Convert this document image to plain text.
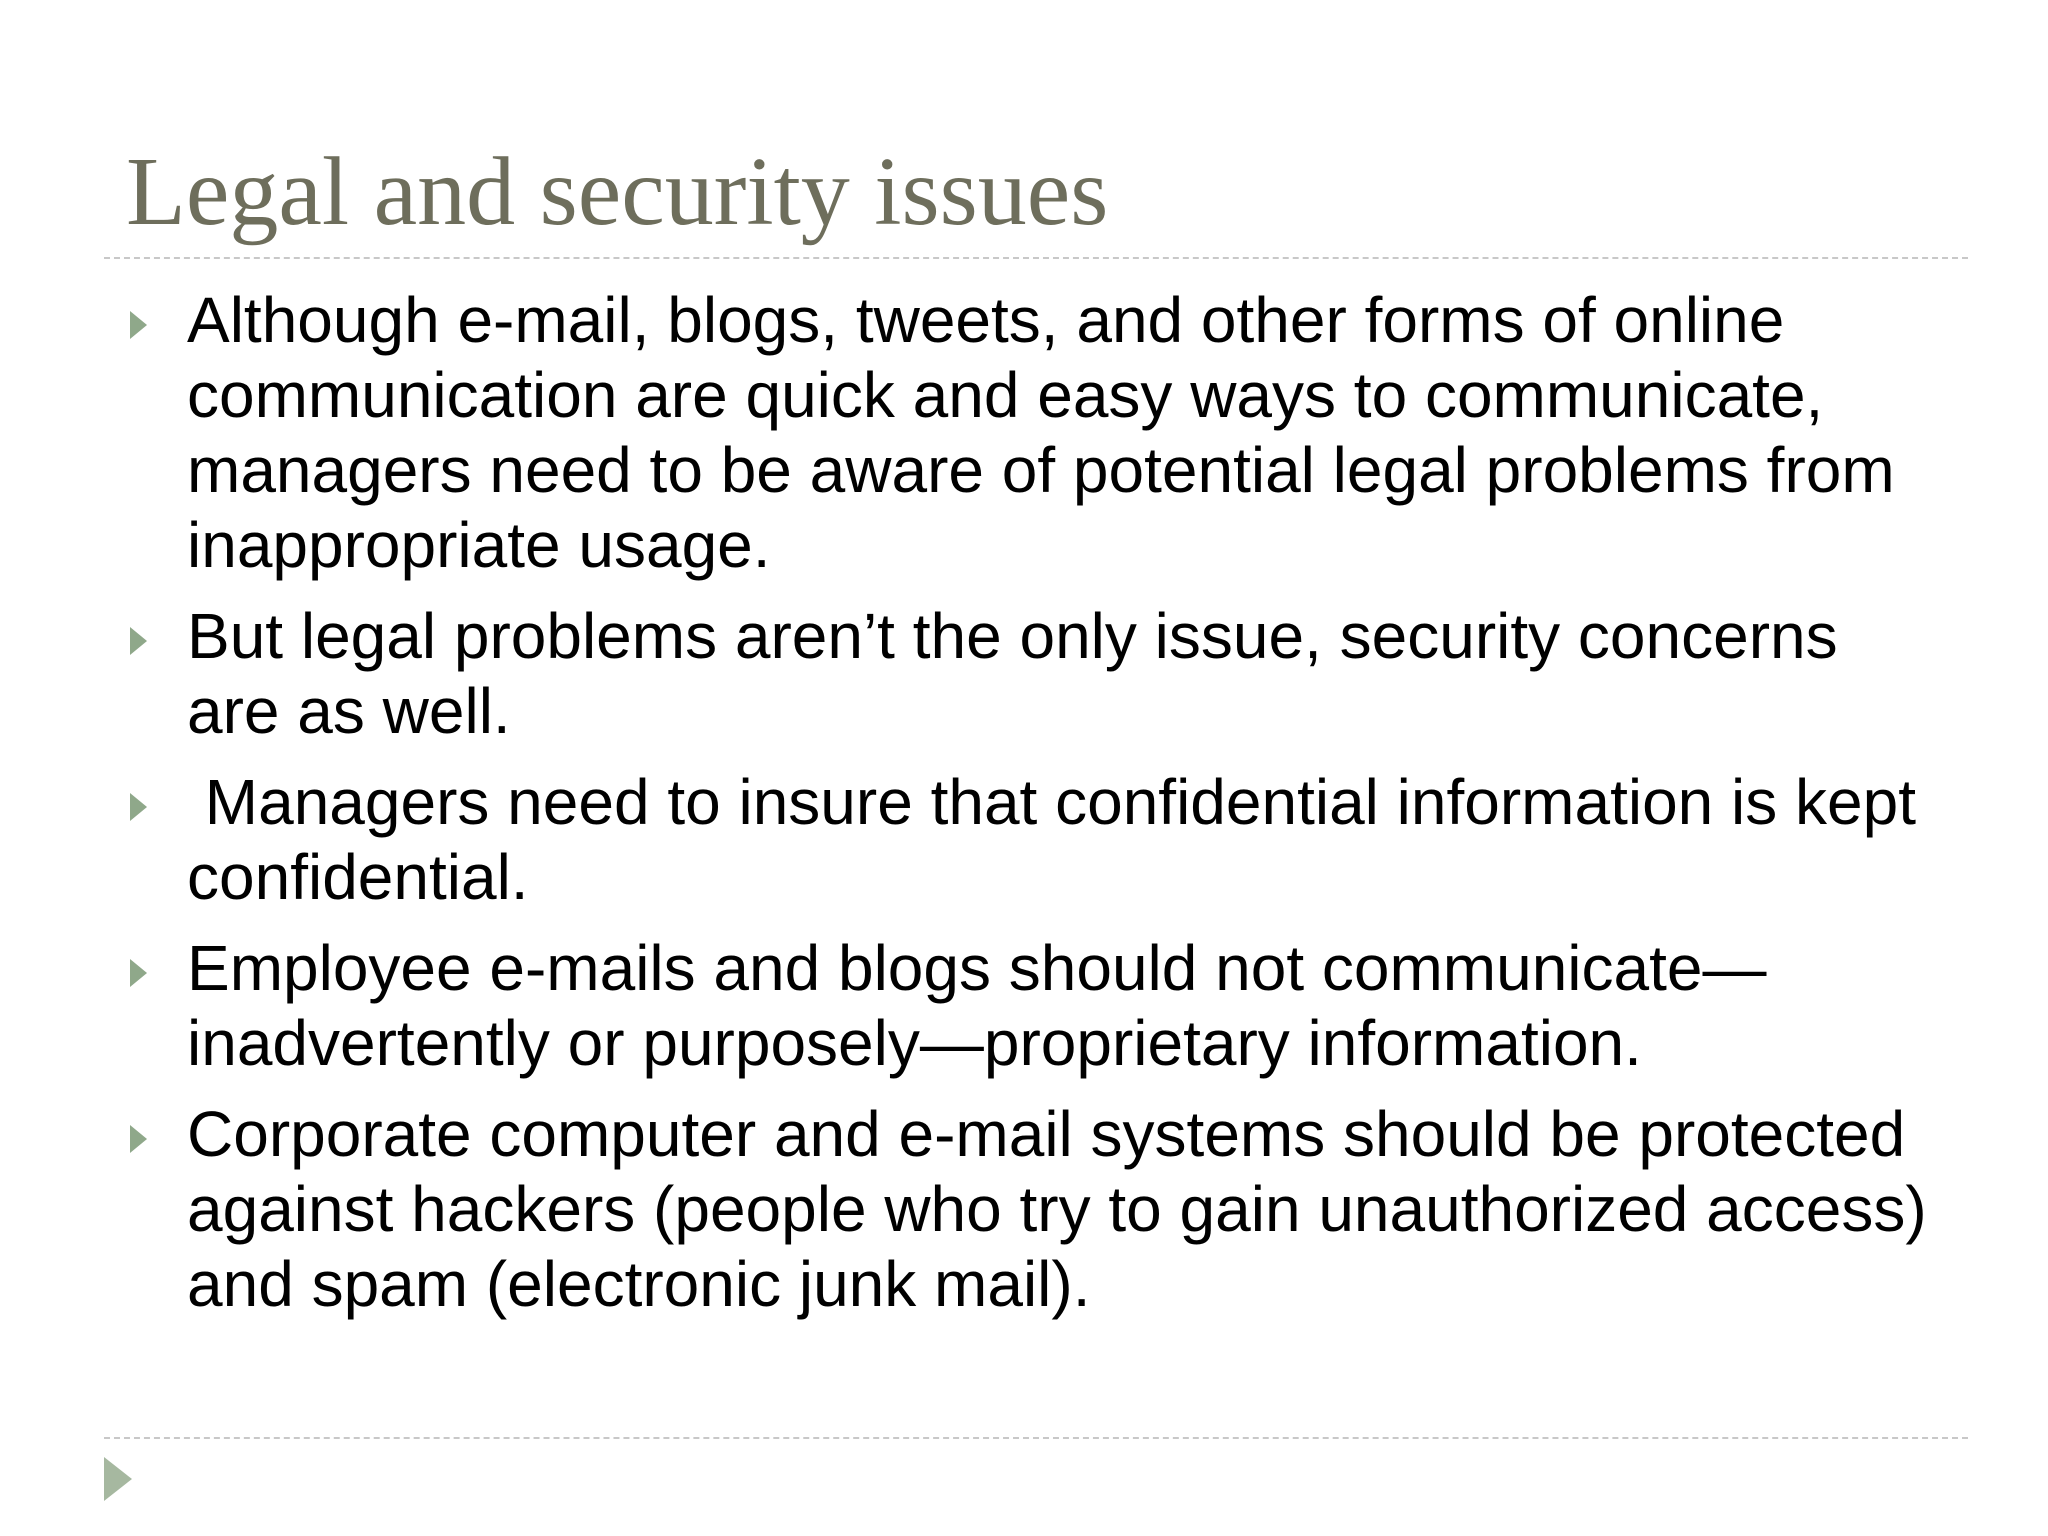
Legal and security issues
Although e-mail, blogs, tweets, and other forms of online communication are quick and easy ways to communicate, managers need to be aware of potential legal problems from inappropriate usage.
But legal problems aren’t the only issue, security concerns are as well.
Managers need to insure that confidential information is kept confidential.
Employee e-mails and blogs should not communicate—inadvertently or purposely—proprietary information.
Corporate computer and e-mail systems should be protected against hackers (people who try to gain unauthorized access) and spam (electronic junk mail).
